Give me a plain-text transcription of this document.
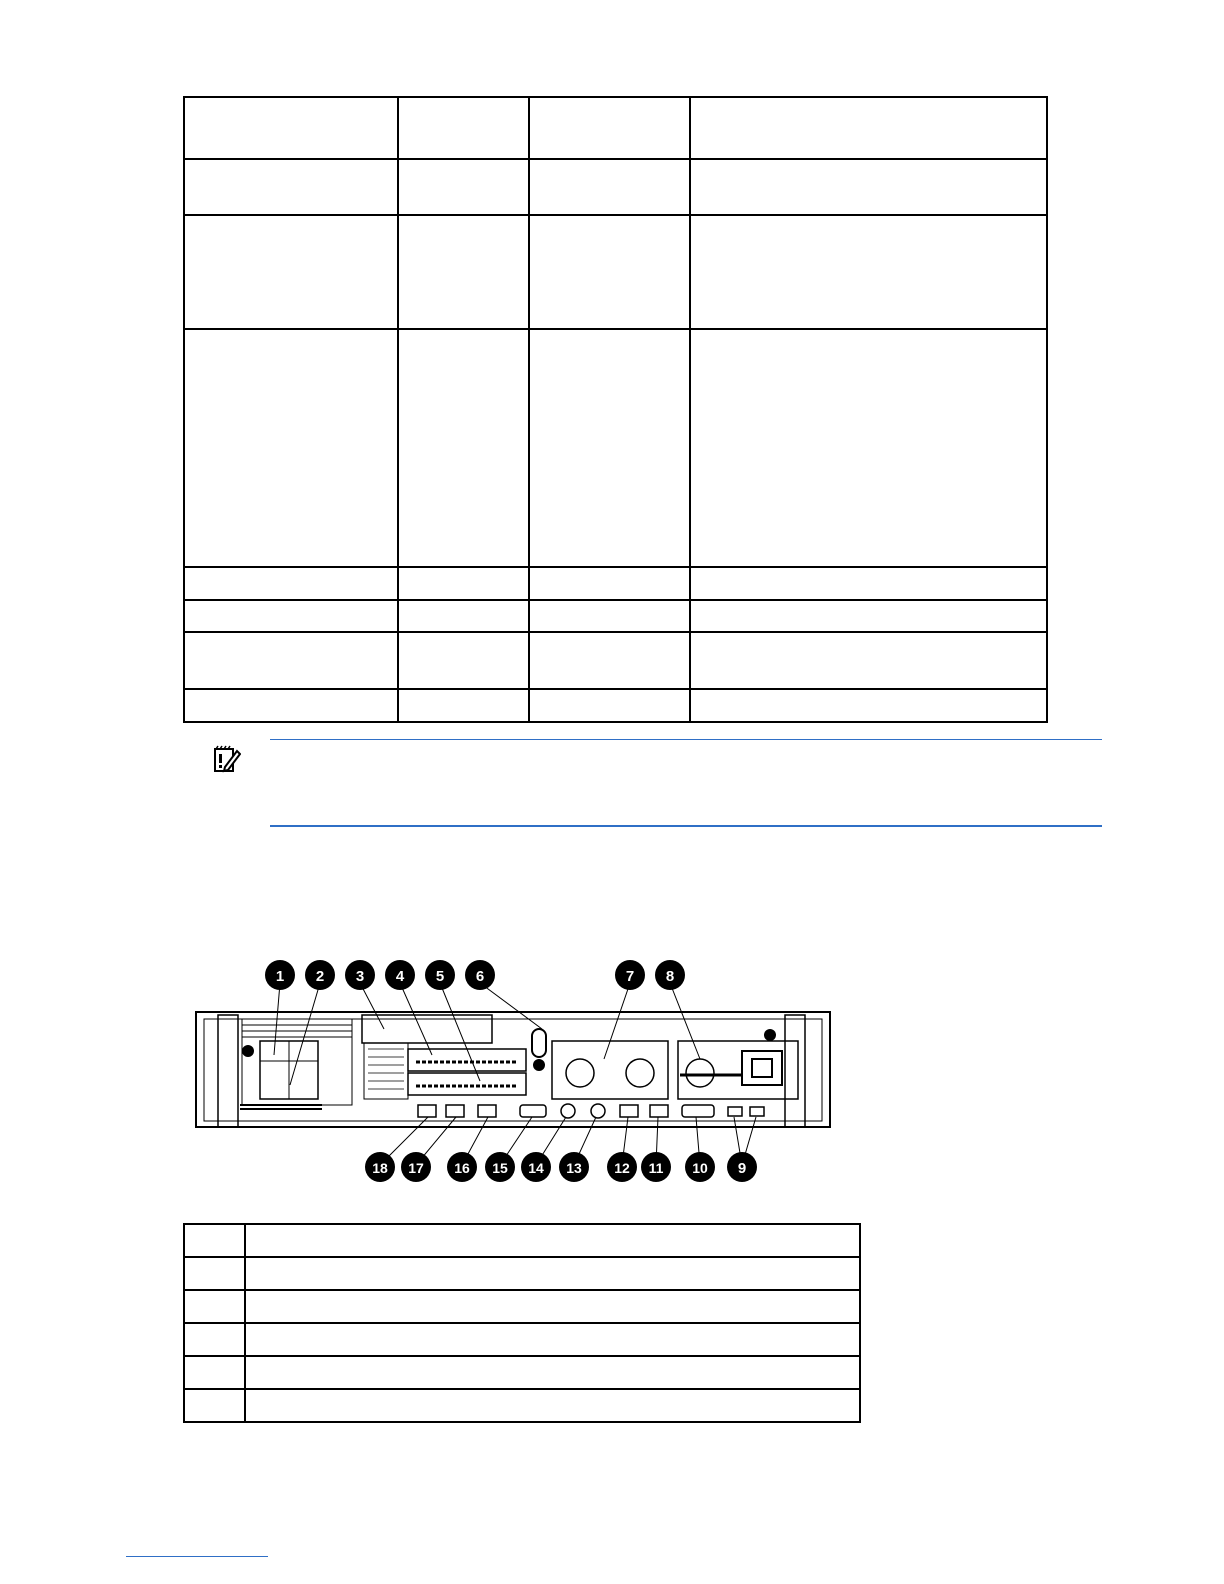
1 2 3 4 5 6	7 8
9
10
11
12
13
14
15
16
17
18
